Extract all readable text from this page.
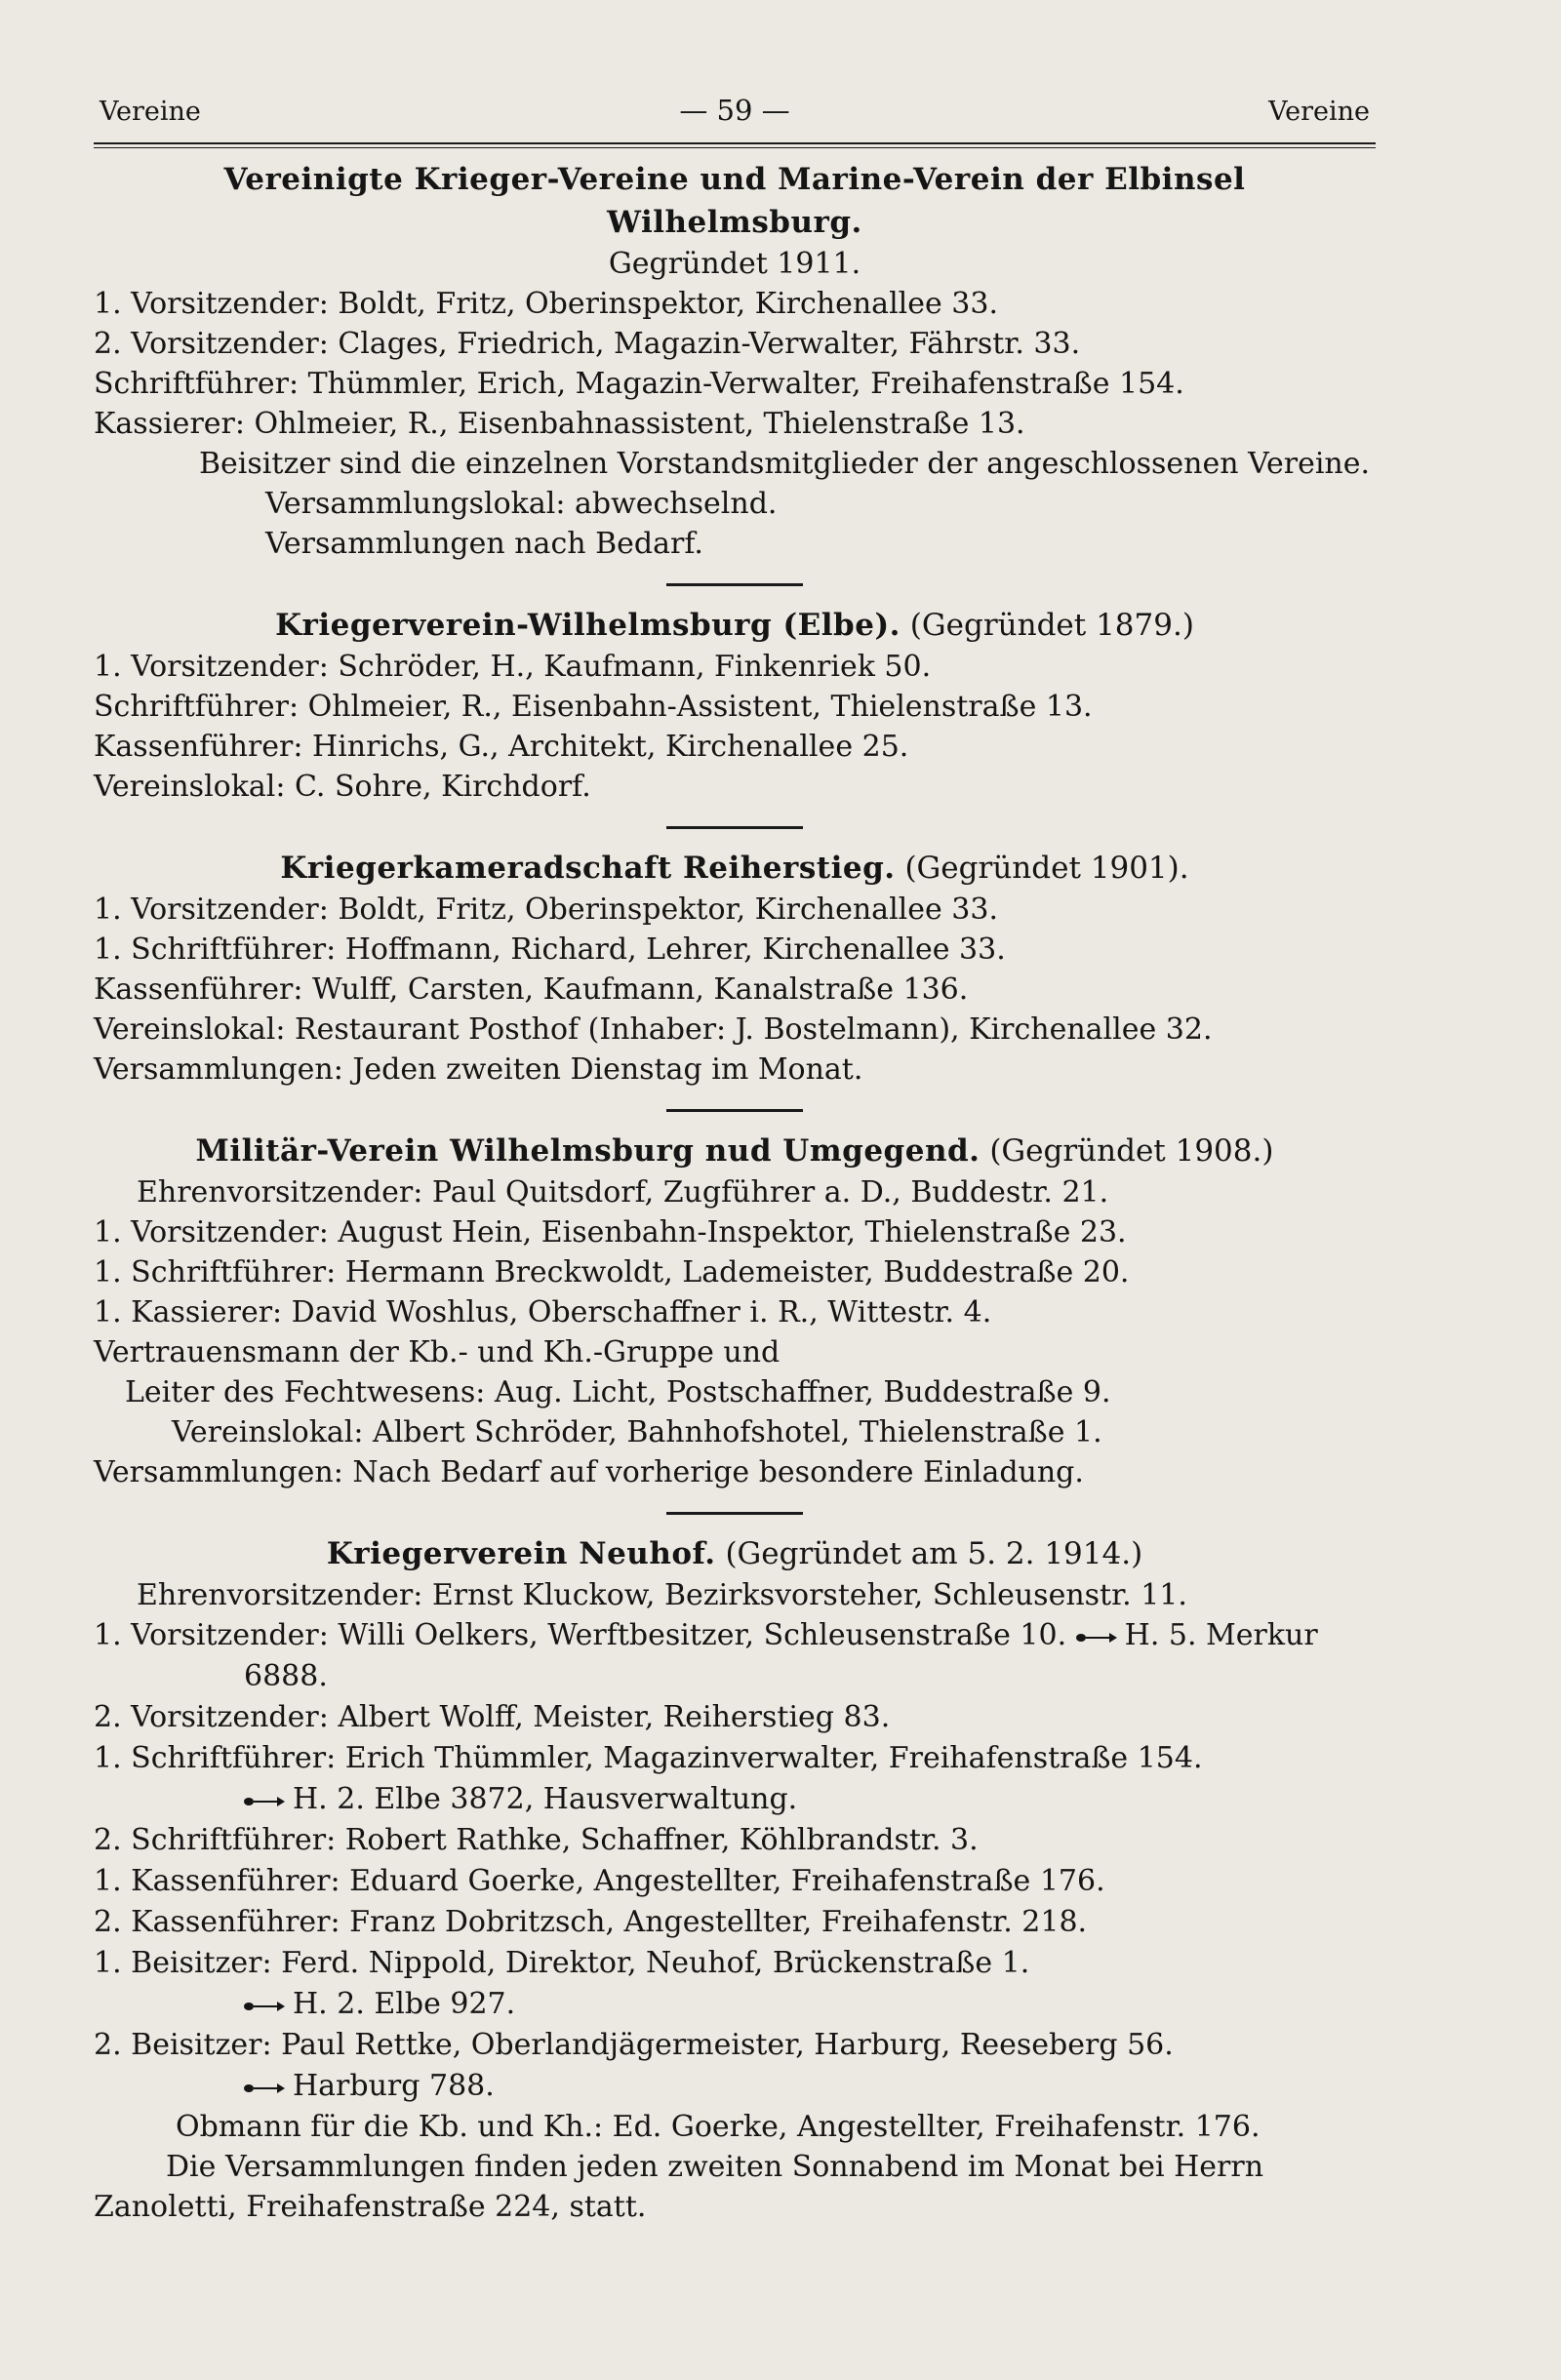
Vereine	— 59 —	Vereine
Vereinigte Krieger-Vereine und Marine-Verein der Elbinsel Wilhelmsburg.
Gegründet 1911.
1. Vorsitzender: Boldt, Fritz, Oberinspektor, Kirchenallee 33.
2. Vorsitzender: Clages, Friedrich, Magazin-Verwalter, Fährstr. 33.
Schriftführer: Thümmler, Erich, Magazin-Verwalter, Freihafenstraße 154.
Kassierer: Ohlmeier, R., Eisenbahnassistent, Thielenstraße 13.
Beisitzer sind die einzelnen Vorstandsmitglieder der angeschlossenen Vereine.
Versammlungslokal: abwechselnd.
Versammlungen nach Bedarf.
Kriegerverein-Wilhelmsburg (Elbe). (Gegründet 1879.)
1. Vorsitzender: Schröder, H., Kaufmann, Finkenriek 50.
Schriftführer: Ohlmeier, R., Eisenbahn-Assistent, Thielenstraße 13.
Kassenführer: Hinrichs, G., Architekt, Kirchenallee 25.
Vereinslokal: C. Sohre, Kirchdorf.
Kriegerkameradschaft Reiherstieg. (Gegründet 1901).
1. Vorsitzender: Boldt, Fritz, Oberinspektor, Kirchenallee 33.
1. Schriftführer: Hoffmann, Richard, Lehrer, Kirchenallee 33.
Kassenführer: Wulff, Carsten, Kaufmann, Kanalstraße 136.
Vereinslokal: Restaurant Posthof (Inhaber: J. Bostelmann), Kirchenallee 32.
Versammlungen: Jeden zweiten Dienstag im Monat.
Militär-Verein Wilhelmsburg nud Umgegend. (Gegründet 1908.)
Ehrenvorsitzender: Paul Quitsdorf, Zugführer a. D., Buddestr. 21.
1. Vorsitzender: August Hein, Eisenbahn-Inspektor, Thielenstraße 23.
1. Schriftführer: Hermann Breckwoldt, Lademeister, Buddestraße 20.
1. Kassierer: David Woshlus, Oberschaffner i. R., Wittestr. 4.
Vertrauensmann der Kb.- und Kh.-Gruppe und
Leiter des Fechtwesens: Aug. Licht, Postschaffner, Buddestraße 9.
Vereinslokal: Albert Schröder, Bahnhofshotel, Thielenstraße 1.
Versammlungen: Nach Bedarf auf vorherige besondere Einladung.
Kriegerverein Neuhof. (Gegründet am 5. 2. 1914.)
Ehrenvorsitzender: Ernst Kluckow, Bezirksvorsteher, Schleusenstr. 11.
1. Vorsitzender: Willi Oelkers, Werftbesitzer, Schleusenstraße 10. H. 5. Merkur
6888.
2. Vorsitzender: Albert Wolff, Meister, Reiherstieg 83.
1. Schriftführer: Erich Thümmler, Magazinverwalter, Freihafenstraße 154.
H. 2. Elbe 3872, Hausverwaltung.
2. Schriftführer: Robert Rathke, Schaffner, Köhlbrandstr. 3.
1. Kassenführer: Eduard Goerke, Angestellter, Freihafenstraße 176.
2. Kassenführer: Franz Dobritzsch, Angestellter, Freihafenstr. 218.
1. Beisitzer: Ferd. Nippold, Direktor, Neuhof, Brückenstraße 1.
H. 2. Elbe 927.
2. Beisitzer: Paul Rettke, Oberlandjägermeister, Harburg, Reeseberg 56.
Harburg 788.
Obmann für die Kb. und Kh.: Ed. Goerke, Angestellter, Freihafenstr. 176.
Die Versammlungen finden jeden zweiten Sonnabend im Monat bei Herrn
Zanoletti, Freihafenstraße 224, statt.
